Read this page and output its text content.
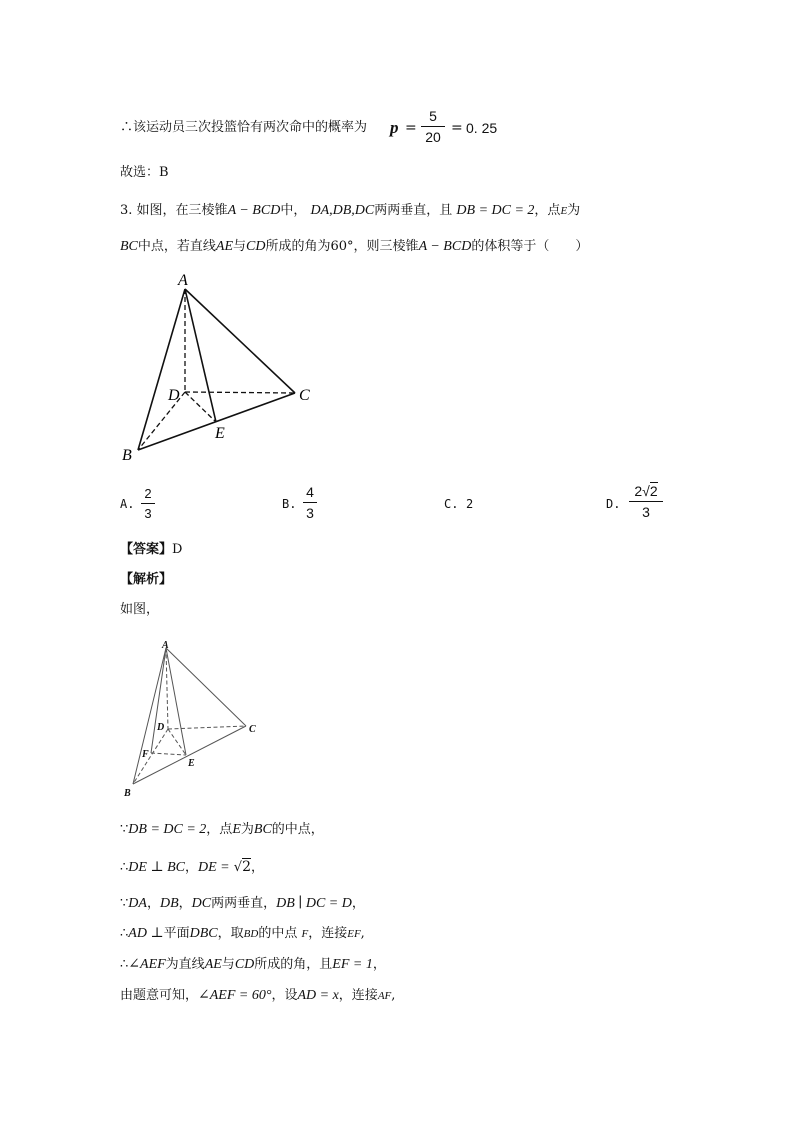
∴该运动员三次投篮恰有两次命中的概率为 p =
5
20
= 0. 25
故选：B
3. 如图，在三棱锥A − BCD中， DA,DB,DC两两垂直，且 DB = DC = 2，点E为
BC中点，若直线AE与CD所成的角为60°，则三棱锥A − BCD的体积等于（　　）
A
D	C
E
B
A.
2
3
B.
4
3
C. 2	D.
2√2
3
【答案】D
【解析】
如图，
A
D	C
F
E
B
∵DB = DC = 2，点E为BC的中点，
∴DE ⊥ BC，DE = √2，
∵DA，DB，DC两两垂直，DB ∣ DC = D，
∴AD ⊥平面DBC，取BD的中点 F，连接EF,
∴∠AEF为直线AE与CD所成的角，且EF = 1，
由题意可知，∠AEF = 60°，设AD = x，连接AF,
